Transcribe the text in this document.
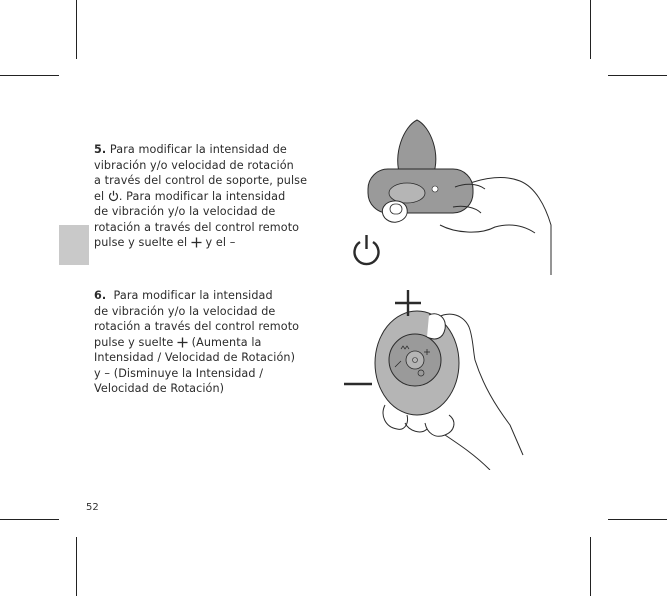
5. Para modificar la intensidad de

vibración y/o velocidad de rotación

a través del control de soporte, pulse

el . Para modificar la intensidad

de vibración y/o la velocidad de

rotación a través del control remoto

pulse y suelte el y el –

6. Para modificar la intensidad

de vibración y/o la velocidad de

rotación a través del control remoto

pulse y suelte (Aumenta la

Intensidad / Velocidad de Rotación)

y – (Disminuye la Intensidad /

Velocidad de Rotación)

52
